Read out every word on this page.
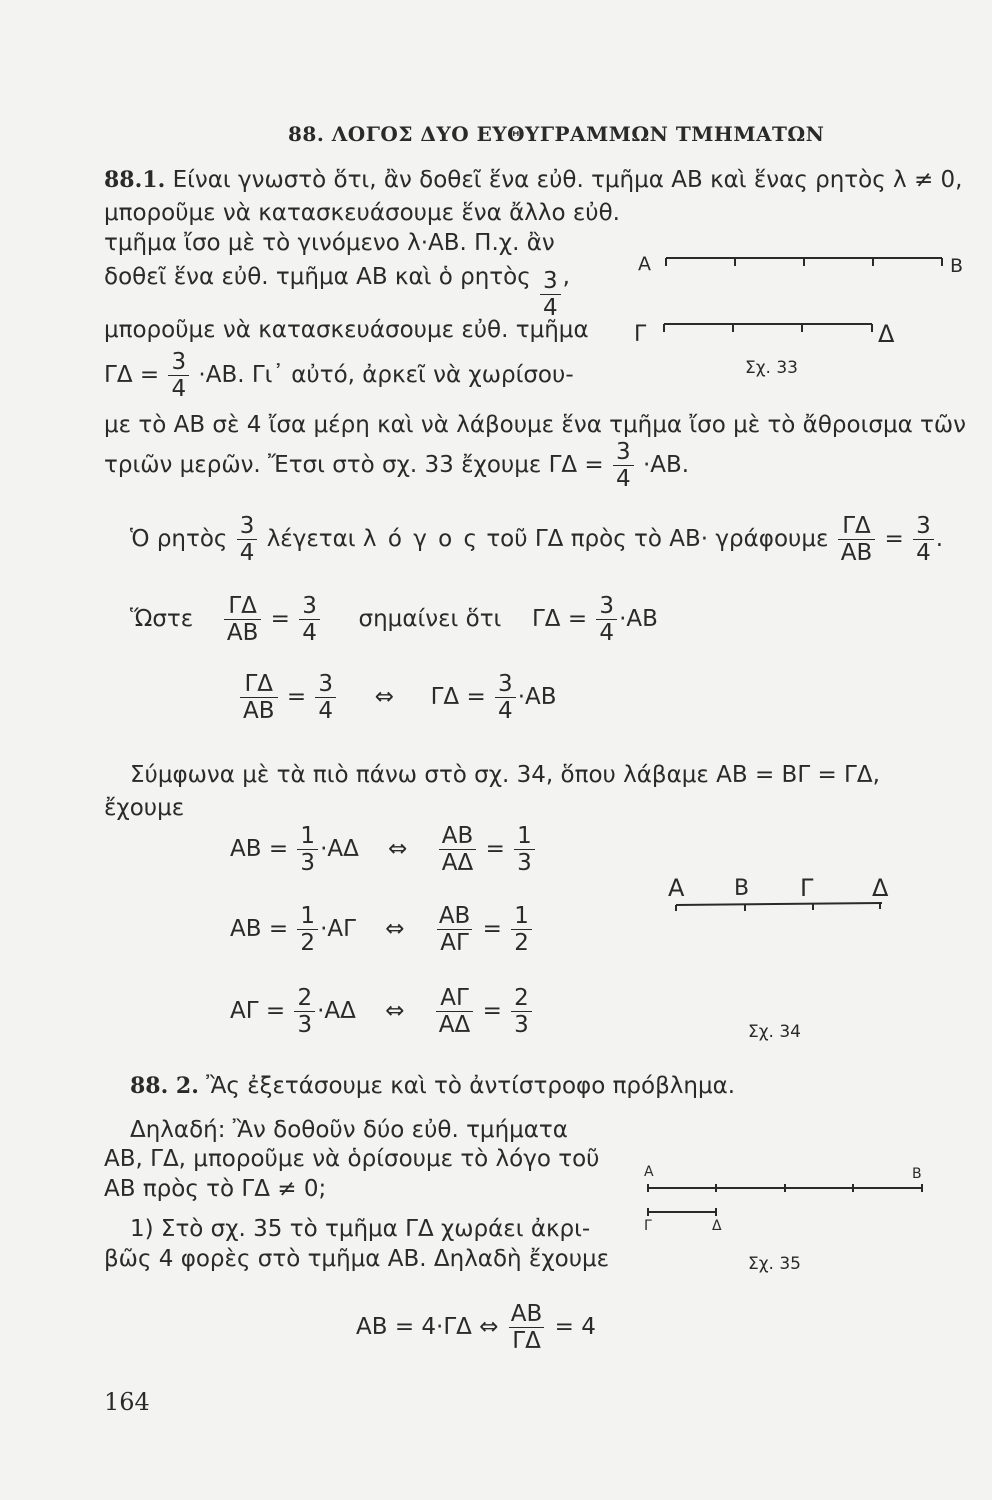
88. ΛΟΓΟΣ ΔΥΟ ΕΥΘΥΓΡΑΜΜΩΝ ΤΜΗΜΑΤΩΝ
88.1. Είναι γνωστὸ ὅτι, ἂν δοθεῖ ἕνα εὐθ. τμῆμα ΑΒ καὶ ἕνας ρητὸς λ ≠ 0,
μποροῦμε νὰ κατασκευάσουμε ἕνα ἄλλο εὐθ.
τμῆμα ἴσο μὲ τὸ γινόμενο λ·ΑΒ. Π.χ. ἂν
δοθεῖ ἕνα εὐθ. τμῆμα ΑΒ καὶ ὁ ρητὸς $\frac{3}{4}$ ,
μποροῦμε νὰ κατασκευάσουμε εὐθ. τμῆμα
$\Gamma\Delta = \frac{3}{4} \cdot AB$. Γι᾽ αὐτό, ἀρκεῖ νὰ χωρίσου-
με τὸ ΑΒ σὲ 4 ἴσα μέρη καὶ νὰ λάβουμε ἕνα τμῆμα ἴσο μὲ τὸ ἄθροισμα τῶν
τριῶν μερῶν. Ἔτσι στὸ σχ. 33 ἔχουμε $\Gamma\Delta = \frac{3}{4} \cdot AB$.
Α	Β
Γ	Δ
Σχ. 33
Ὁ ρητὸς $\frac{3}{4}$ λέγεται λ ό γ ο ς τοῦ ΓΔ πρὸς τὸ ΑΒ· γράφουμε $\frac{\Gamma\Delta}{AB} = \frac{3}{4}$ .
Ὥστε $\frac{\Gamma\Delta}{AB} = \frac{3}{4}$ σημαίνει ὅτι $\Gamma\Delta = \frac{3}{4} \cdot AB$
$\frac{\Gamma\Delta}{AB} = \frac{3}{4}$ ⇔ $\Gamma\Delta = \frac{3}{4} \cdot AB$
Σύμφωνα μὲ τὰ πιὸ πάνω στὸ σχ. 34, ὅπου λάβαμε ΑΒ = ΒΓ = ΓΔ,
ἔχουμε
$AB = \frac{1}{3} \cdot A\Delta$ ⇔ $\frac{AB}{A\Delta} = \frac{1}{3}$
$AB = \frac{1}{2} \cdot A\Gamma$ ⇔ $\frac{AB}{A\Gamma} = \frac{1}{2}$
$A\Gamma = \frac{2}{3} \cdot A\Delta$ ⇔ $\frac{A\Gamma}{A\Delta} = \frac{2}{3}$
Α Β Γ Δ
Σχ. 34
88. 2. Ἂς ἐξετάσουμε καὶ τὸ ἀντίστροφο πρόβλημα.
Δηλαδή: Ἂν δοθοῦν δύο εὐθ. τμήματα
ΑΒ, ΓΔ, μποροῦμε νὰ ὁρίσουμε τὸ λόγο τοῦ
ΑΒ πρὸς τὸ ΓΔ ≠ 0;
1) Στὸ σχ. 35 τὸ τμῆμα ΓΔ χωράει ἀκρι-
βῶς 4 φορὲς στὸ τμῆμα ΑΒ. Δηλαδὴ ἔχουμε
Α	Β
Γ	Δ
Σχ. 35
ΑΒ = 4·ΓΔ ⇔ $\frac{AB}{\Gamma\Delta} = 4$
164
